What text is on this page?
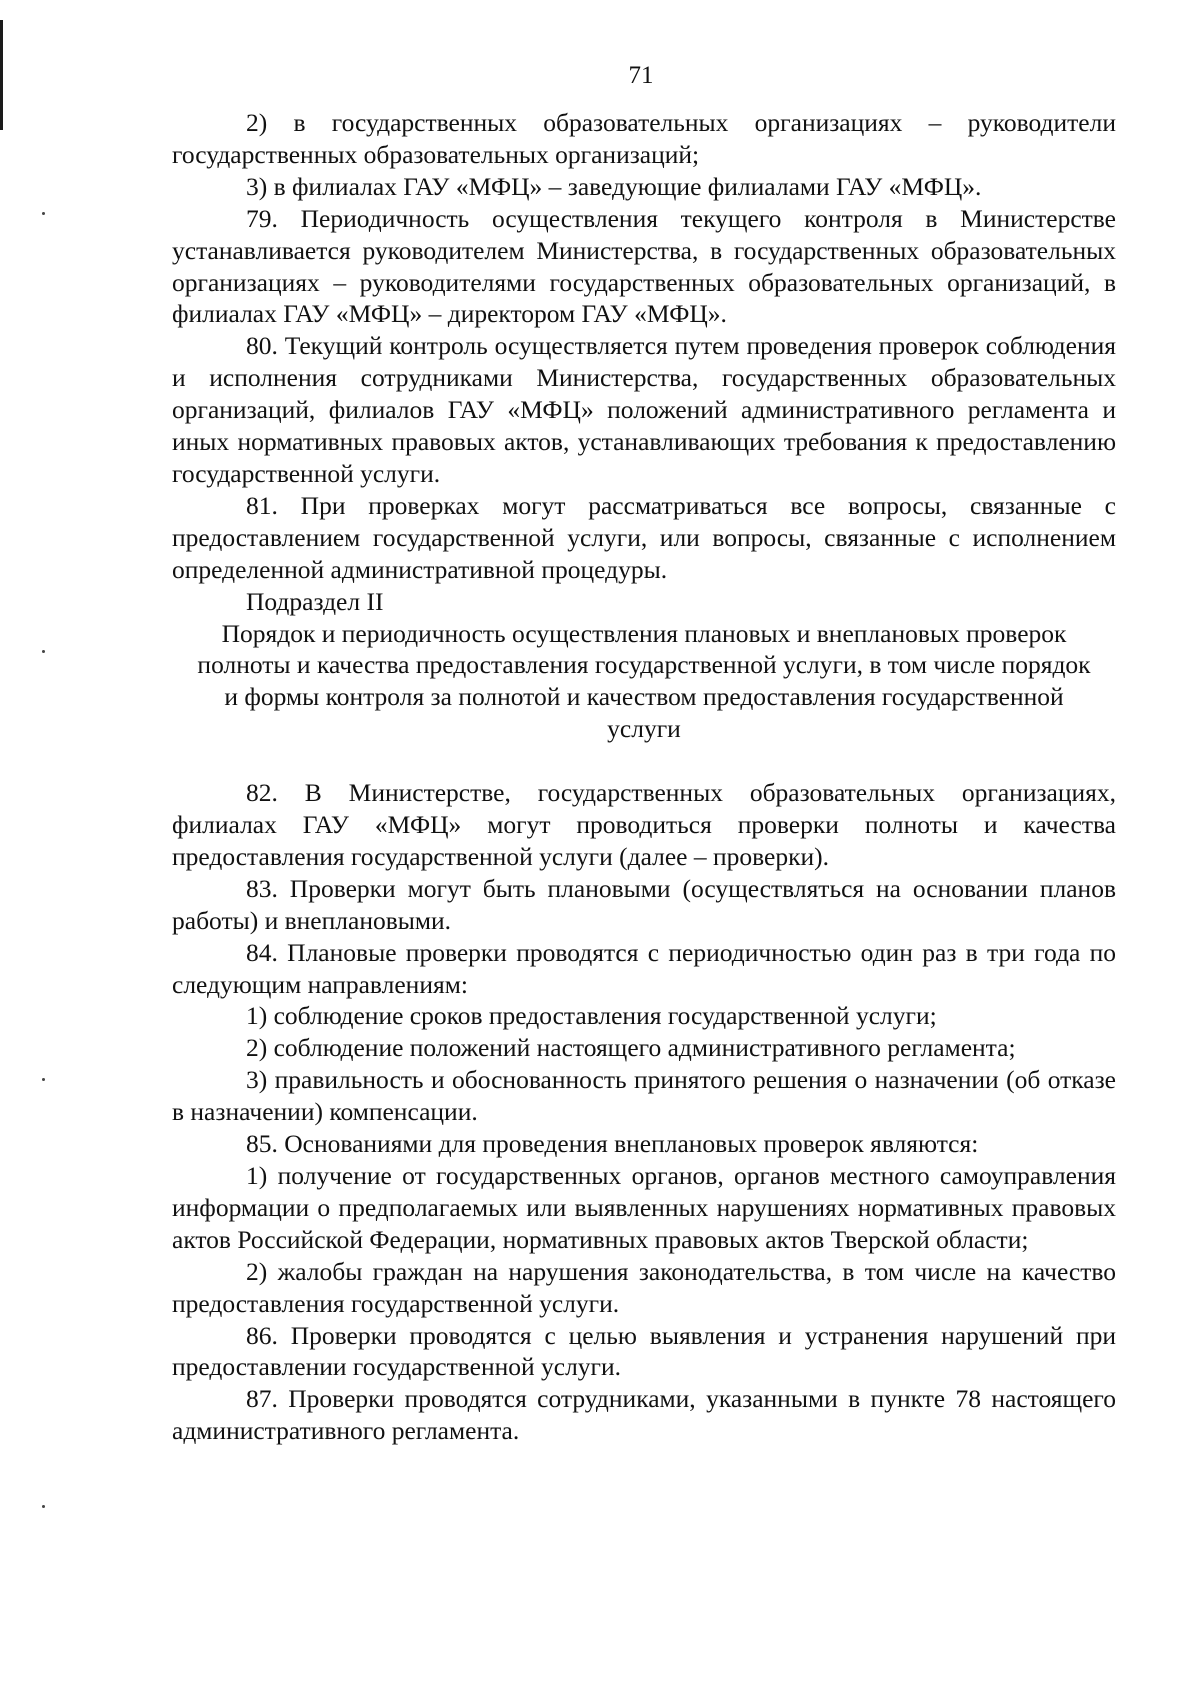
71

2) в государственных образовательных организациях – руководители государственных образовательных организаций;

3) в филиалах ГАУ «МФЦ» – заведующие филиалами ГАУ «МФЦ».

79. Периодичность осуществления текущего контроля в Министерстве устанавливается руководителем Министерства, в государственных образовательных организациях – руководителями государственных образовательных организаций, в филиалах ГАУ «МФЦ» – директором ГАУ «МФЦ».

80. Текущий контроль осуществляется путем проведения проверок соблюдения и исполнения сотрудниками Министерства, государственных образовательных организаций, филиалов ГАУ «МФЦ» положений административного регламента и иных нормативных правовых актов, устанавливающих требования к предоставлению государственной услуги.

81. При проверках могут рассматриваться все вопросы, связанные с предоставлением государственной услуги, или вопросы, связанные с исполнением определенной административной процедуры.

Подраздел II

Порядок и периодичность осуществления плановых и внеплановых проверок полноты и качества предоставления государственной услуги, в том числе порядок и формы контроля за полнотой и качеством предоставления государственной услуги

82. В Министерстве, государственных образовательных организациях, филиалах ГАУ «МФЦ» могут проводиться проверки полноты и качества предоставления государственной услуги (далее – проверки).

83. Проверки могут быть плановыми (осуществляться на основании планов работы) и внеплановыми.

84. Плановые проверки проводятся с периодичностью один раз в три года по следующим направлениям:

1) соблюдение сроков предоставления государственной услуги;

2) соблюдение положений настоящего административного регламента;

3) правильность и обоснованность принятого решения о назначении (об отказе в назначении) компенсации.

85. Основаниями для проведения внеплановых проверок являются:

1) получение от государственных органов, органов местного самоуправления информации о предполагаемых или выявленных нарушениях нормативных правовых актов Российской Федерации, нормативных правовых актов Тверской области;

2) жалобы граждан на нарушения законодательства, в том числе на качество предоставления государственной услуги.

86. Проверки проводятся с целью выявления и устранения нарушений при предоставлении государственной услуги.

87. Проверки проводятся сотрудниками, указанными в пункте 78 настоящего административного регламента.
